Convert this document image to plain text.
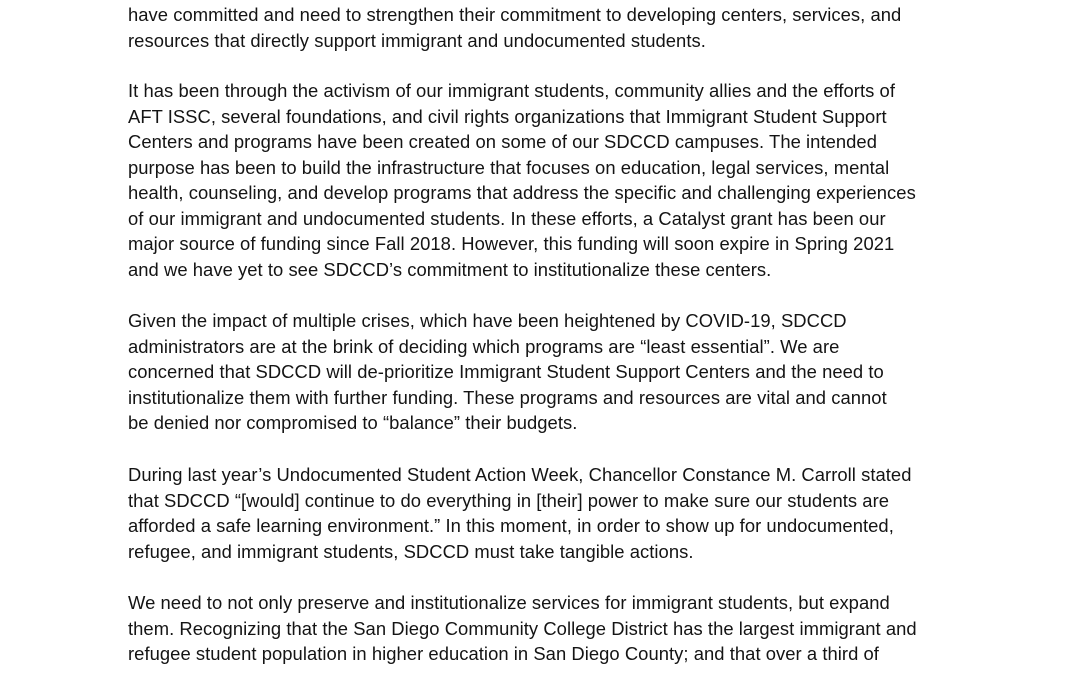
have committed and need to strengthen their commitment to developing centers, services, and
resources that directly support immigrant and undocumented students.
It has been through the activism of our immigrant students, community allies and the efforts of
AFT ISSC, several foundations, and civil rights organizations that Immigrant Student Support
Centers and programs have been created on some of our SDCCD campuses. The intended
purpose has been to build the infrastructure that focuses on education, legal services, mental
health, counseling, and develop programs that address the specific and challenging experiences
of our immigrant and undocumented students. In these efforts, a Catalyst grant has been our
major source of funding since Fall 2018. However, this funding will soon expire in Spring 2021
and we have yet to see SDCCD’s commitment to institutionalize these centers.
Given the impact of multiple crises, which have been heightened by COVID-19, SDCCD
administrators are at the brink of deciding which programs are “least essential”. We are
concerned that SDCCD will de-prioritize Immigrant Student Support Centers and the need to
institutionalize them with further funding. These programs and resources are vital and cannot
be denied nor compromised to “balance” their budgets.
During last year’s Undocumented Student Action Week, Chancellor Constance M. Carroll stated
that SDCCD “[would] continue to do everything in [their] power to make sure our students are
afforded a safe learning environment.” In this moment, in order to show up for undocumented,
refugee, and immigrant students, SDCCD must take tangible actions.
We need to not only preserve and institutionalize services for immigrant students, but expand
them. Recognizing that the San Diego Community College District has the largest immigrant and
refugee student population in higher education in San Diego County; and that over a third of
